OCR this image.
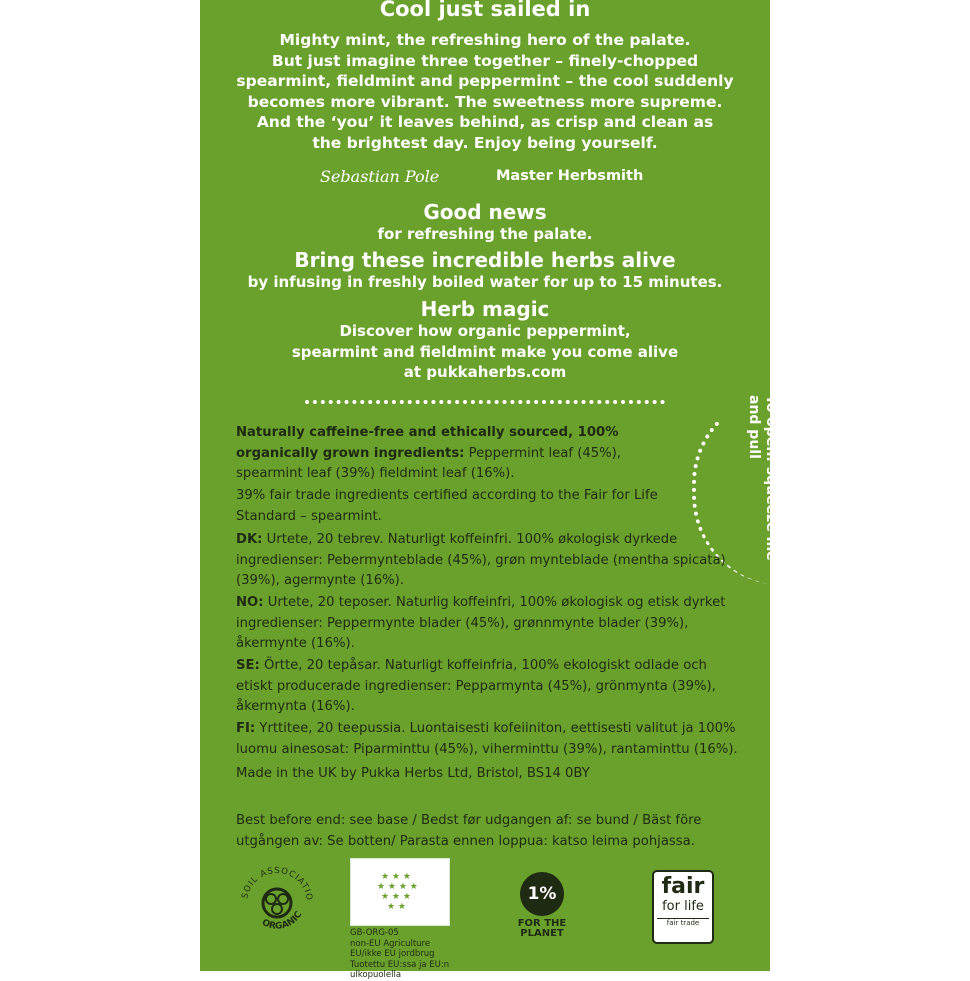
Cool just sailed in
Mighty mint, the refreshing hero of the palate.
But just imagine three together – finely-chopped
spearmint, fieldmint and peppermint – the cool suddenly
becomes more vibrant. The sweetness more supreme.
And the ‘you’ it leaves behind, as crisp and clean as
the brightest day. Enjoy being yourself.
Sebastian Pole	Master Herbsmith
Good news
for refreshing the palate.
Bring these incredible herbs alive
by infusing in freshly boiled water for up to 15 minutes.
Herb magic
Discover how organic peppermint,
spearmint and fieldmint make you come alive
at pukkaherbs.com
To open: squeeze me
and pull
Naturally caffeine-free and ethically sourced, 100% organically grown ingredients: Peppermint leaf (45%), spearmint leaf (39%) fieldmint leaf (16%).
39% fair trade ingredients certified according to the Fair for Life Standard – spearmint.
DK: Urtete, 20 tebrev. Naturligt koffeinfri. 100% økologisk dyrkede ingredienser: Pebermynteblade (45%), grøn mynteblade (mentha spicata) (39%), agermynte (16%).
NO: Urtete, 20 teposer. Naturlig koffeinfri, 100% økologisk og etisk dyrket ingredienser: Peppermynte blader (45%), grønnmynte blader (39%), åkermynte (16%).
SE: Örtte, 20 tepåsar. Naturligt koffeinfria, 100% ekologiskt odlade och etiskt producerade ingredienser: Pepparmynta (45%), grönmynta (39%), åkermynta (16%).
FI: Yrttitee, 20 teepussia. Luontaisesti kofeiiniton, eettisesti valitut ja 100% luomu ainesosat: Piparminttu (45%), viherminttu (39%), rantaminttu (16%).
Made in the UK by Pukka Herbs Ltd, Bristol, BS14 0BY
Best before end: see base / Bedst før udgangen af: se bund / Bäst före utgången av: Se botten/ Parasta ennen loppua: katso leima pohjassa.
SOIL ASSOCIATIO
ORGANIC
★ ★ ★
★ ★ ★ ★
★ ★ ★
★ ★
GB-ORG-05
non-EU Agriculture
EU/ikke EU jordbrug
Tuotettu EU:ssa ja EU:n ulkopuolella
1%
FOR THE PLANET
fair
for life
fair trade
